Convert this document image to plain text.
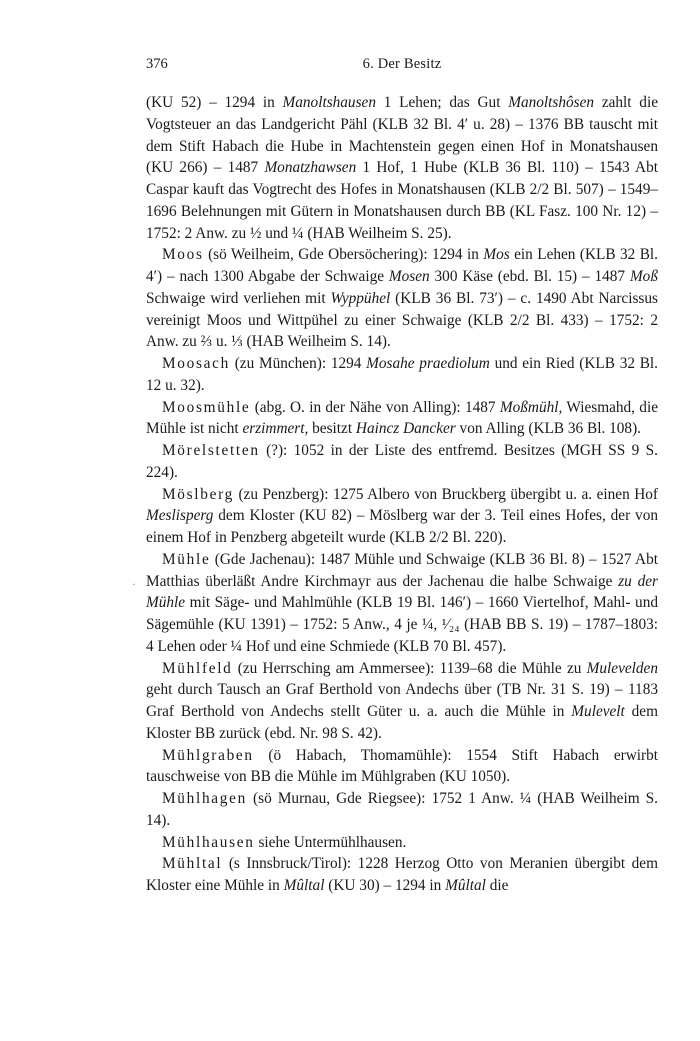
376	6. Der Besitz

(KU 52) – 1294 in Manoltshausen 1 Lehen; das Gut Manoltshôsen zahlt die Vogtsteuer an das Landgericht Pähl (KLB 32 Bl. 4′ u. 28) – 1376 BB tauscht mit dem Stift Habach die Hube in Machtenstein gegen einen Hof in Monatshausen (KU 266) – 1487 Monatzhawsen 1 Hof, 1 Hube (KLB 36 Bl. 110) – 1543 Abt Caspar kauft das Vogtrecht des Hofes in Monatshausen (KLB 2/2 Bl. 507) – 1549–1696 Belehnungen mit Gütern in Monatshausen durch BB (KL Fasz. 100 Nr. 12) – 1752: 2 Anw. zu ½ und ¼ (HAB Weilheim S. 25).

Moos (sö Weilheim, Gde Obersöchering): 1294 in Mos ein Lehen (KLB 32 Bl. 4′) – nach 1300 Abgabe der Schwaige Mosen 300 Käse (ebd. Bl. 15) – 1487 Moß Schwaige wird verliehen mit Wyppühel (KLB 36 Bl. 73′) – c. 1490 Abt Narcissus vereinigt Moos und Wittpühel zu einer Schwaige (KLB 2/2 Bl. 433) – 1752: 2 Anw. zu ⅔ u. ⅓ (HAB Weilheim S. 14).

Moosach (zu München): 1294 Mosahe praediolum und ein Ried (KLB 32 Bl. 12 u. 32).

Moosmühle (abg. O. in der Nähe von Alling): 1487 Moßmühl, Wiesmahd, die Mühle ist nicht erzimmert, besitzt Haincz Dancker von Alling (KLB 36 Bl. 108).

Mörelstetten (?): 1052 in der Liste des entfremd. Besitzes (MGH SS 9 S. 224).

Möslberg (zu Penzberg): 1275 Albero von Bruckberg übergibt u. a. einen Hof Meslisperg dem Kloster (KU 82) – Möslberg war der 3. Teil eines Hofes, der von einem Hof in Penzberg abgeteilt wurde (KLB 2/2 Bl. 220).

Mühle (Gde Jachenau): 1487 Mühle und Schwaige (KLB 36 Bl. 8) – 1527 Abt Matthias überläßt Andre Kirchmayr aus der Jachenau die halbe Schwaige zu der Mühle mit Säge- und Mahlmühle (KLB 19 Bl. 146′) – 1660 Viertelhof, Mahl- und Sägemühle (KU 1391) – 1752: 5 Anw., 4 je ¼, ¹⁄₂₄ (HAB BB S. 19) – 1787–1803: 4 Lehen oder ¼ Hof und eine Schmiede (KLB 70 Bl. 457).

Mühlfeld (zu Herrsching am Ammersee): 1139–68 die Mühle zu Mulevelden geht durch Tausch an Graf Berthold von Andechs über (TB Nr. 31 S. 19) – 1183 Graf Berthold von Andechs stellt Güter u. a. auch die Mühle in Mulevelt dem Kloster BB zurück (ebd. Nr. 98 S. 42).

Mühlgraben (ö Habach, Thomamühle): 1554 Stift Habach erwirbt tauschweise von BB die Mühle im Mühlgraben (KU 1050).

Mühlhagen (sö Murnau, Gde Riegsee): 1752 1 Anw. ¼ (HAB Weilheim S. 14).

Mühlhausen siehe Untermühlhausen.

Mühltal (s Innsbruck/Tirol): 1228 Herzog Otto von Meranien übergibt dem Kloster eine Mühle in Mûltal (KU 30) – 1294 in Mûltal die

·
